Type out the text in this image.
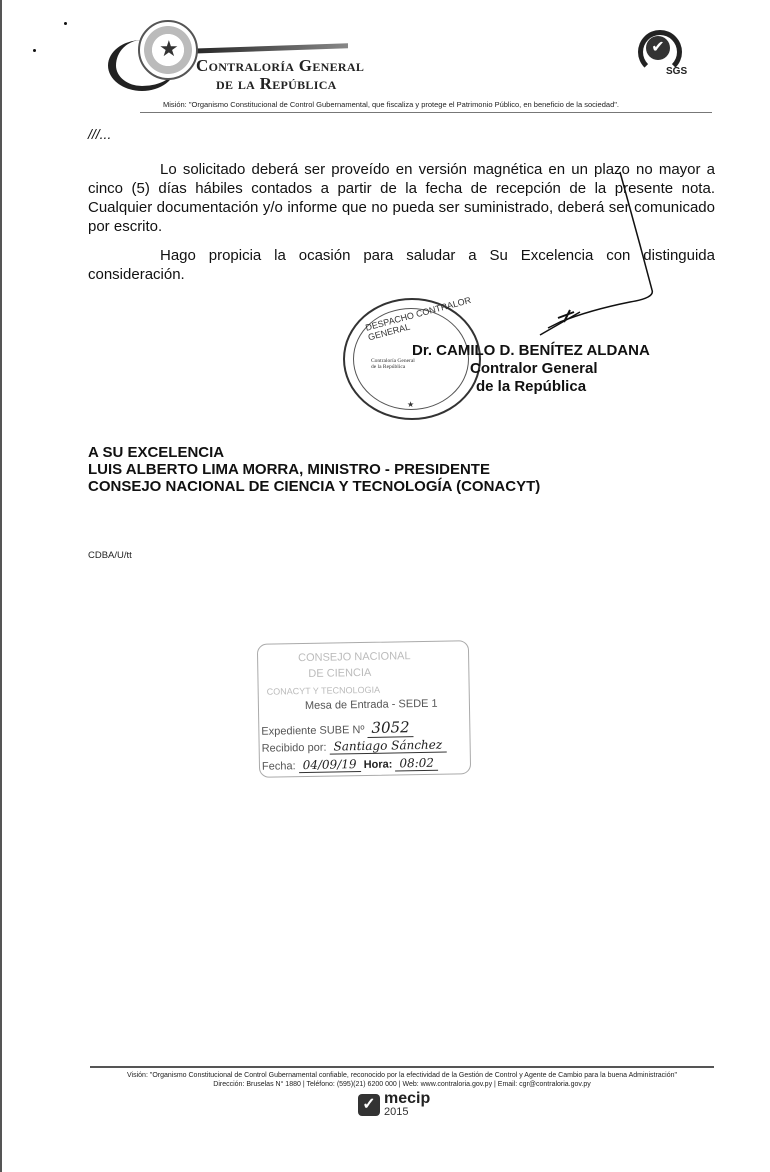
★
Contraloría General
de la República
✔
SGS
Misión: "Organismo Constitucional de Control Gubernamental, que fiscaliza y protege el Patrimonio Público, en beneficio de la sociedad".
///...
Lo solicitado deberá ser proveído en versión magnética en un plazo no mayor a cinco (5) días hábiles contados a partir de la fecha de recepción de la presente nota. Cualquier documentación y/o informe que no pueda ser suministrado, deberá ser comunicado por escrito.
Hago propicia la ocasión para saludar a Su Excelencia con distinguida consideración.
DESPACHO CONTRALOR GENERAL
Contraloría General
de la República
★
Dr. CAMILO D. BENÍTEZ ALDANA
Contralor General
de la República
A SU EXCELENCIA
LUIS ALBERTO LIMA MORRA, MINISTRO - PRESIDENTE
CONSEJO NACIONAL DE CIENCIA Y TECNOLOGÍA (CONACYT)
CDBA/U/tt
CONSEJO NACIONAL
DE CIENCIA
CONACYT Y TECNOLOGIA
Mesa de Entrada - SEDE 1
Expediente SUBE Nº 3052
Recibido por: Santiago Sánchez
Fecha: 04/09/19 Hora: 08:02
Visión: "Organismo Constitucional de Control Gubernamental confiable, reconocido por la efectividad de la Gestión de Control y Agente de Cambio para la buena Administración"
Dirección: Bruselas N° 1880 | Teléfono: (595)(21) 6200 000 | Web: www.contraloria.gov.py | Email: cgr@contraloria.gov.py
✓ mecip
2015
